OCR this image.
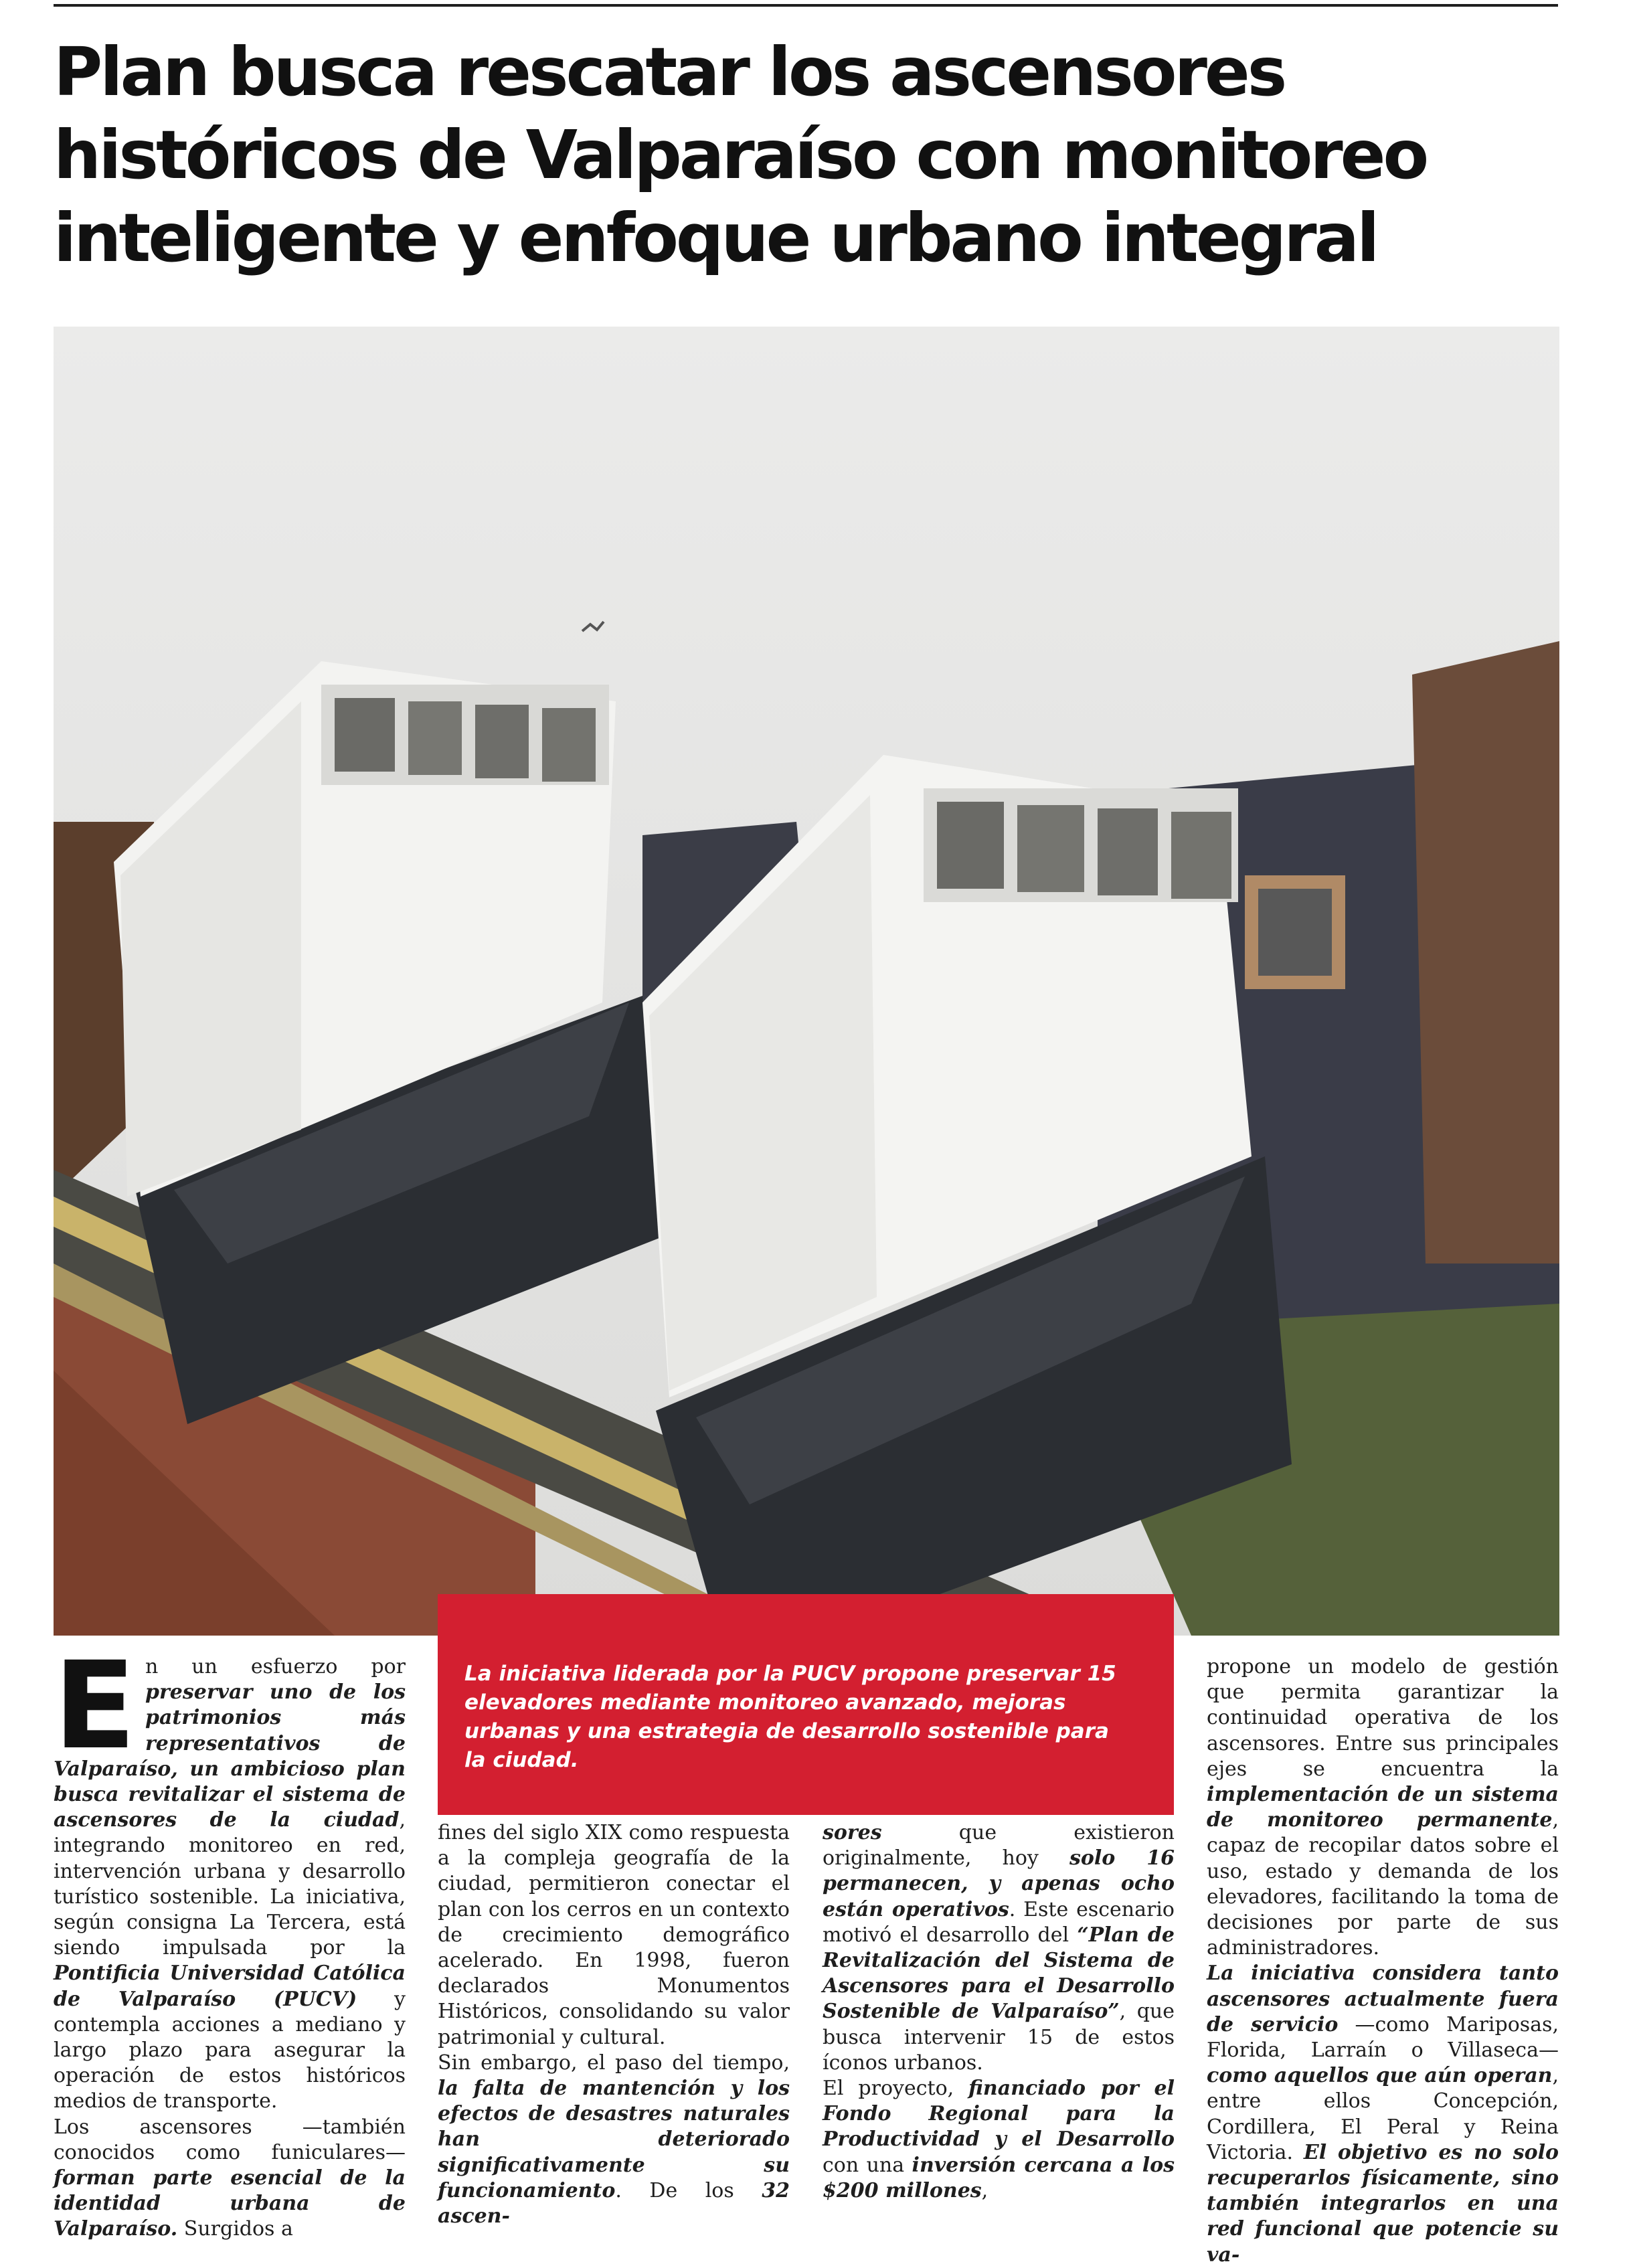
Plan busca rescatar los ascensores históricos de Valparaíso con monitoreo inteligente y enfoque urbano integral
La iniciativa liderada por la PUCV propone preservar 15 elevadores mediante monitoreo avanzado, mejoras urbanas y una estrategia de desarrollo sostenible para la ciudad.
En un esfuerzo por preservar uno de los patrimonios más representativos de Valparaíso, un ambicioso plan busca revitalizar el sistema de ascensores de la ciudad, integrando monitoreo en red, intervención urbana y desarrollo turístico sostenible. La iniciativa, según consigna La Tercera, está siendo impulsada por la Pontificia Universidad Católica de Valparaíso (PUCV) y contempla acciones a mediano y largo plazo para asegurar la operación de estos históricos medios de transporte.

Los ascensores —también conocidos como funiculares— forman parte esencial de la identidad urbana de Valparaíso. Surgidos a

fines del siglo XIX como respuesta a la compleja geografía de la ciudad, permitieron conectar el plan con los cerros en un contexto de crecimiento demográfico acelerado. En 1998, fueron declarados Monumentos Históricos, consolidando su valor patrimonial y cultural.

Sin embargo, el paso del tiempo, la falta de mantención y los efectos de desastres naturales han deteriorado significativamente su funcionamiento. De los 32 ascen-

sores que existieron originalmente, hoy solo 16 permanecen, y apenas ocho están operativos. Este escenario motivó el desarrollo del “Plan de Revitalización del Sistema de Ascensores para el Desarrollo Sostenible de Valparaíso”, que busca intervenir 15 de estos íconos urbanos.

El proyecto, financiado por el Fondo Regional para la Productividad y el Desarrollo con una inversión cercana a los $200 millones,

propone un modelo de gestión que permita garantizar la continuidad operativa de los ascensores. Entre sus principales ejes se encuentra la implementación de un sistema de monitoreo permanente, capaz de recopilar datos sobre el uso, estado y demanda de los elevadores, facilitando la toma de decisiones por parte de sus administradores.

La iniciativa considera tanto ascensores actualmente fuera de servicio —como Mariposas, Florida, Larraín o Villaseca— como aquellos que aún operan, entre ellos Concepción, Cordillera, El Peral y Reina Victoria. El objetivo es no solo recuperarlos físicamente, sino también integrarlos en una red funcional que potencie su va-
